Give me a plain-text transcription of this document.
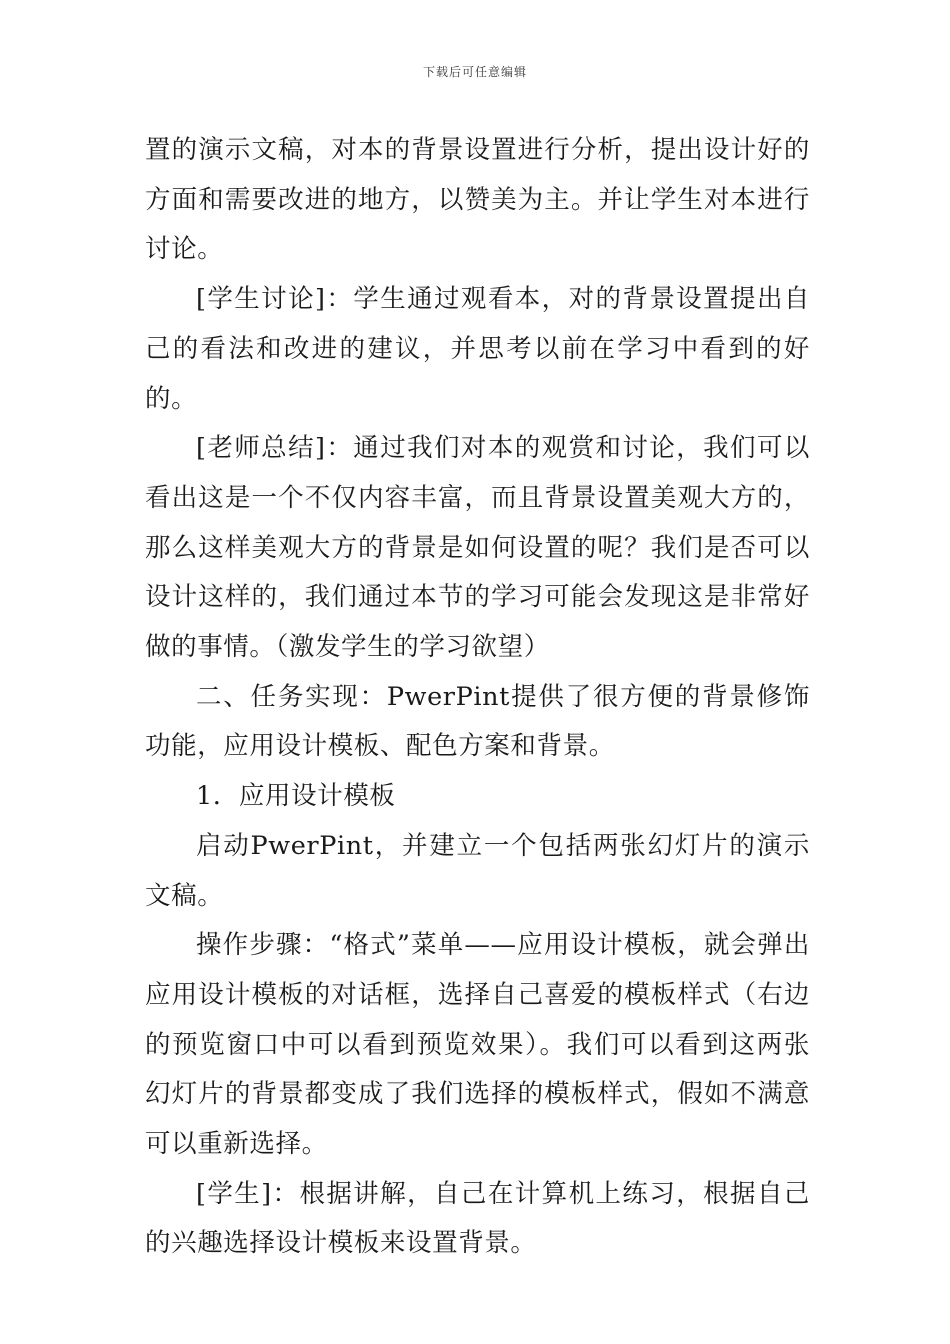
下载后可任意编辑

置的演示文稿，对本的背景设置进行分析，提出设计好的方面和需要改进的地方，以赞美为主。并让学生对本进行讨论。

[学生讨论]：学生通过观看本，对的背景设置提出自己的看法和改进的建议，并思考以前在学习中看到的好的。

[老师总结]：通过我们对本的观赏和讨论，我们可以看出这是一个不仅内容丰富，而且背景设置美观大方的，那么这样美观大方的背景是如何设置的呢？我们是否可以设计这样的，我们通过本节的学习可能会发现这是非常好做的事情。（激发学生的学习欲望）

二、任务实现：PwerPint提供了很方便的背景修饰功能，应用设计模板、配色方案和背景。

1．应用设计模板

启动PwerPint，并建立一个包括两张幻灯片的演示文稿。

操作步骤：“格式”菜单——应用设计模板，就会弹出应用设计模板的对话框，选择自己喜爱的模板样式（右边的预览窗口中可以看到预览效果）。我们可以看到这两张幻灯片的背景都变成了我们选择的模板样式，假如不满意可以重新选择。

[学生]：根据讲解，自己在计算机上练习，根据自己的兴趣选择设计模板来设置背景。
